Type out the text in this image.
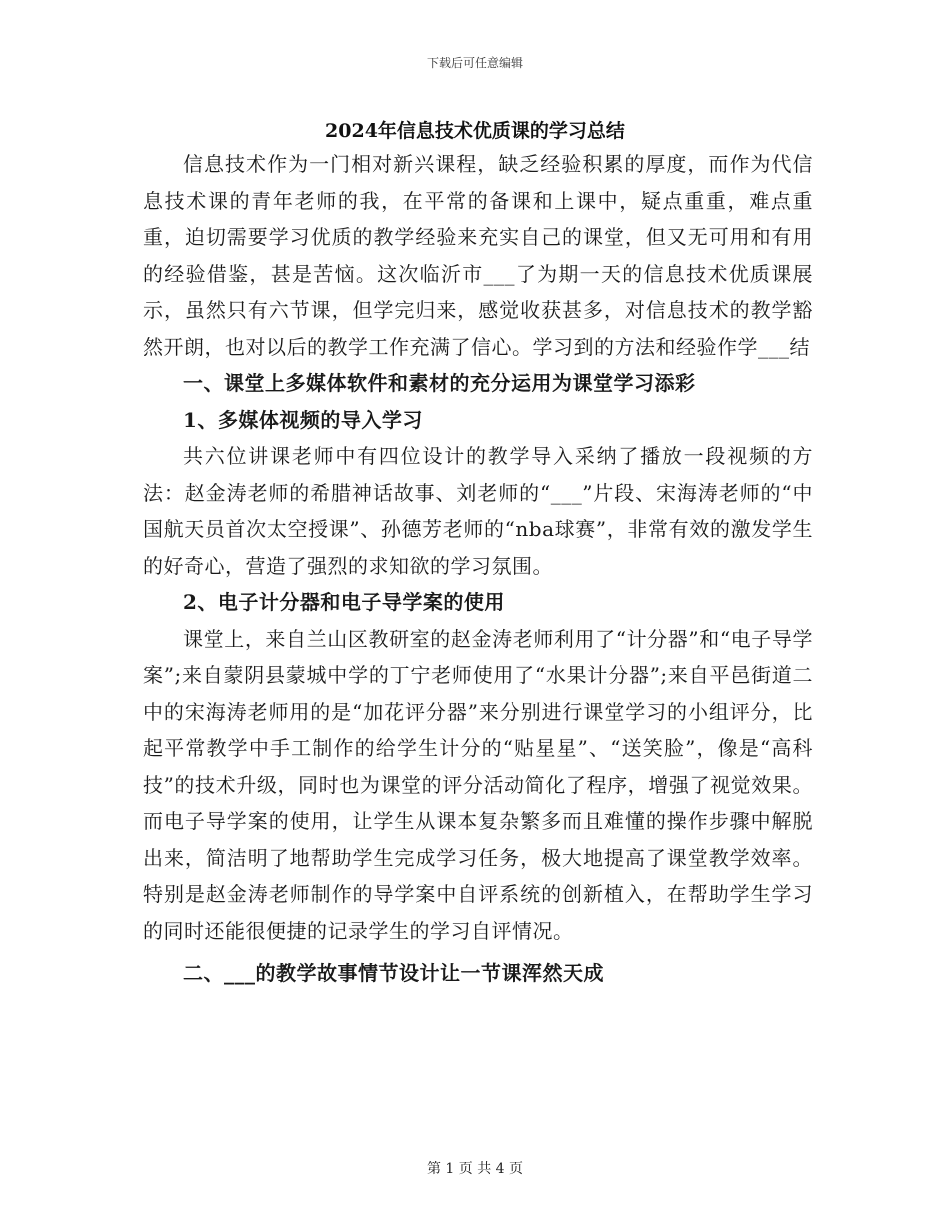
下载后可任意编辑
2024年信息技术优质课的学习总结

信息技术作为一门相对新兴课程，缺乏经验积累的厚度，而作为代信息技术课的青年老师的我，在平常的备课和上课中，疑点重重，难点重重，迫切需要学习优质的教学经验来充实自己的课堂，但又无可用和有用的经验借鉴，甚是苦恼。这次临沂市___了为期一天的信息技术优质课展示，虽然只有六节课，但学完归来，感觉收获甚多，对信息技术的教学豁然开朗，也对以后的教学工作充满了信心。学习到的方法和经验作学___结

一、课堂上多媒体软件和素材的充分运用为课堂学习添彩

1、多媒体视频的导入学习

共六位讲课老师中有四位设计的教学导入采纳了播放一段视频的方法：赵金涛老师的希腊神话故事、刘老师的“___”片段、宋海涛老师的“中国航天员首次太空授课”、孙德芳老师的“nba球赛”，非常有效的激发学生的好奇心，营造了强烈的求知欲的学习氛围。

2、电子计分器和电子导学案的使用

课堂上，来自兰山区教研室的赵金涛老师利用了“计分器”和“电子导学案”;来自蒙阴县蒙城中学的丁宁老师使用了“水果计分器”;来自平邑街道二中的宋海涛老师用的是“加花评分器”来分别进行课堂学习的小组评分，比起平常教学中手工制作的给学生计分的“贴星星”、“送笑脸”，像是“高科技”的技术升级，同时也为课堂的评分活动简化了程序，增强了视觉效果。而电子导学案的使用，让学生从课本复杂繁多而且难懂的操作步骤中解脱出来，简洁明了地帮助学生完成学习任务，极大地提高了课堂教学效率。特别是赵金涛老师制作的导学案中自评系统的创新植入，在帮助学生学习的同时还能很便捷的记录学生的学习自评情况。

二、___的教学故事情节设计让一节课浑然天成

第 1 页 共 4 页
